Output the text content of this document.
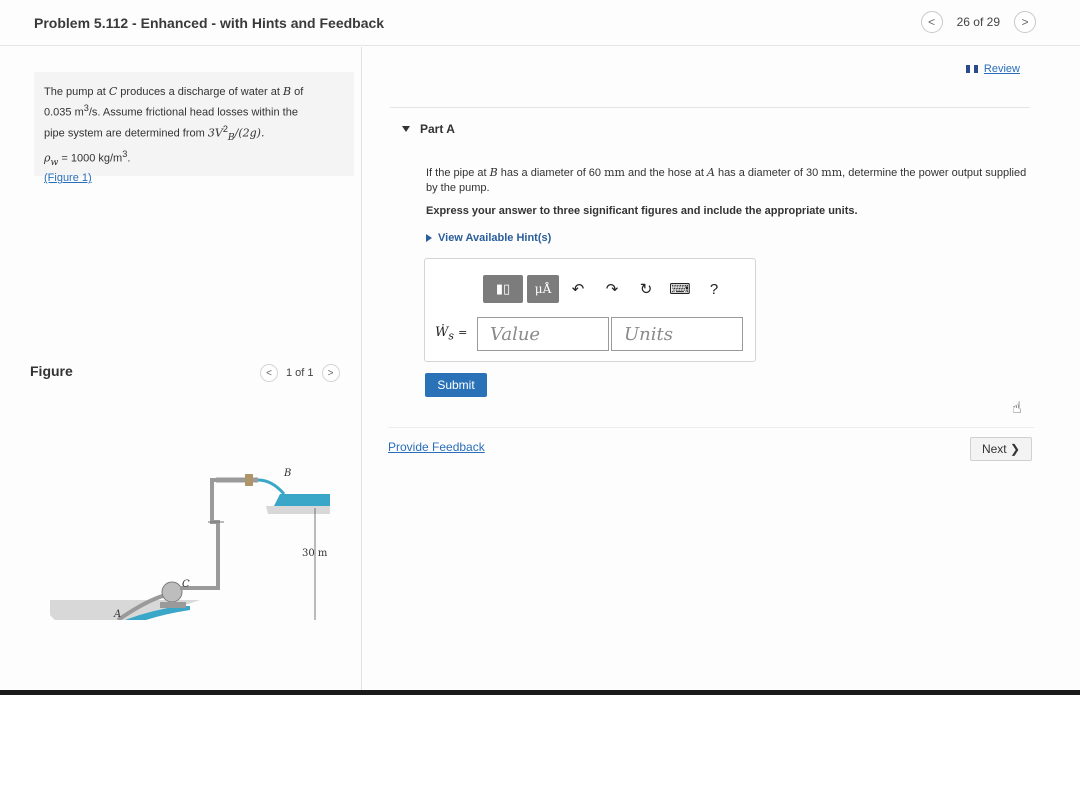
Problem 5.112 - Enhanced - with Hints and Feedback	<	26 of 29	>
The pump at C produces a discharge of water at B of
0.035 $m^3/s$. Assume frictional head losses within the
pipe system are determined from $3V^2_B/(2g)$.
$\rho_w = 1000$ $kg/m^3$.
(Figure 1)
Figure	<	1 of 1	>
B
C
A
30 m
Review
Part A
If the pipe at B has a diameter of 60 mm and the hose at A has a diameter of 30 mm, determine the power output supplied by the pump.
Express your answer to three significant figures and include the appropriate units.
View Available Hint(s)
▮▯	μÅ	↶	↷	↻	⌨	?
Ẇ$_s$ =
Value
Units
Submit
☝
Provide Feedback	Next ❯
